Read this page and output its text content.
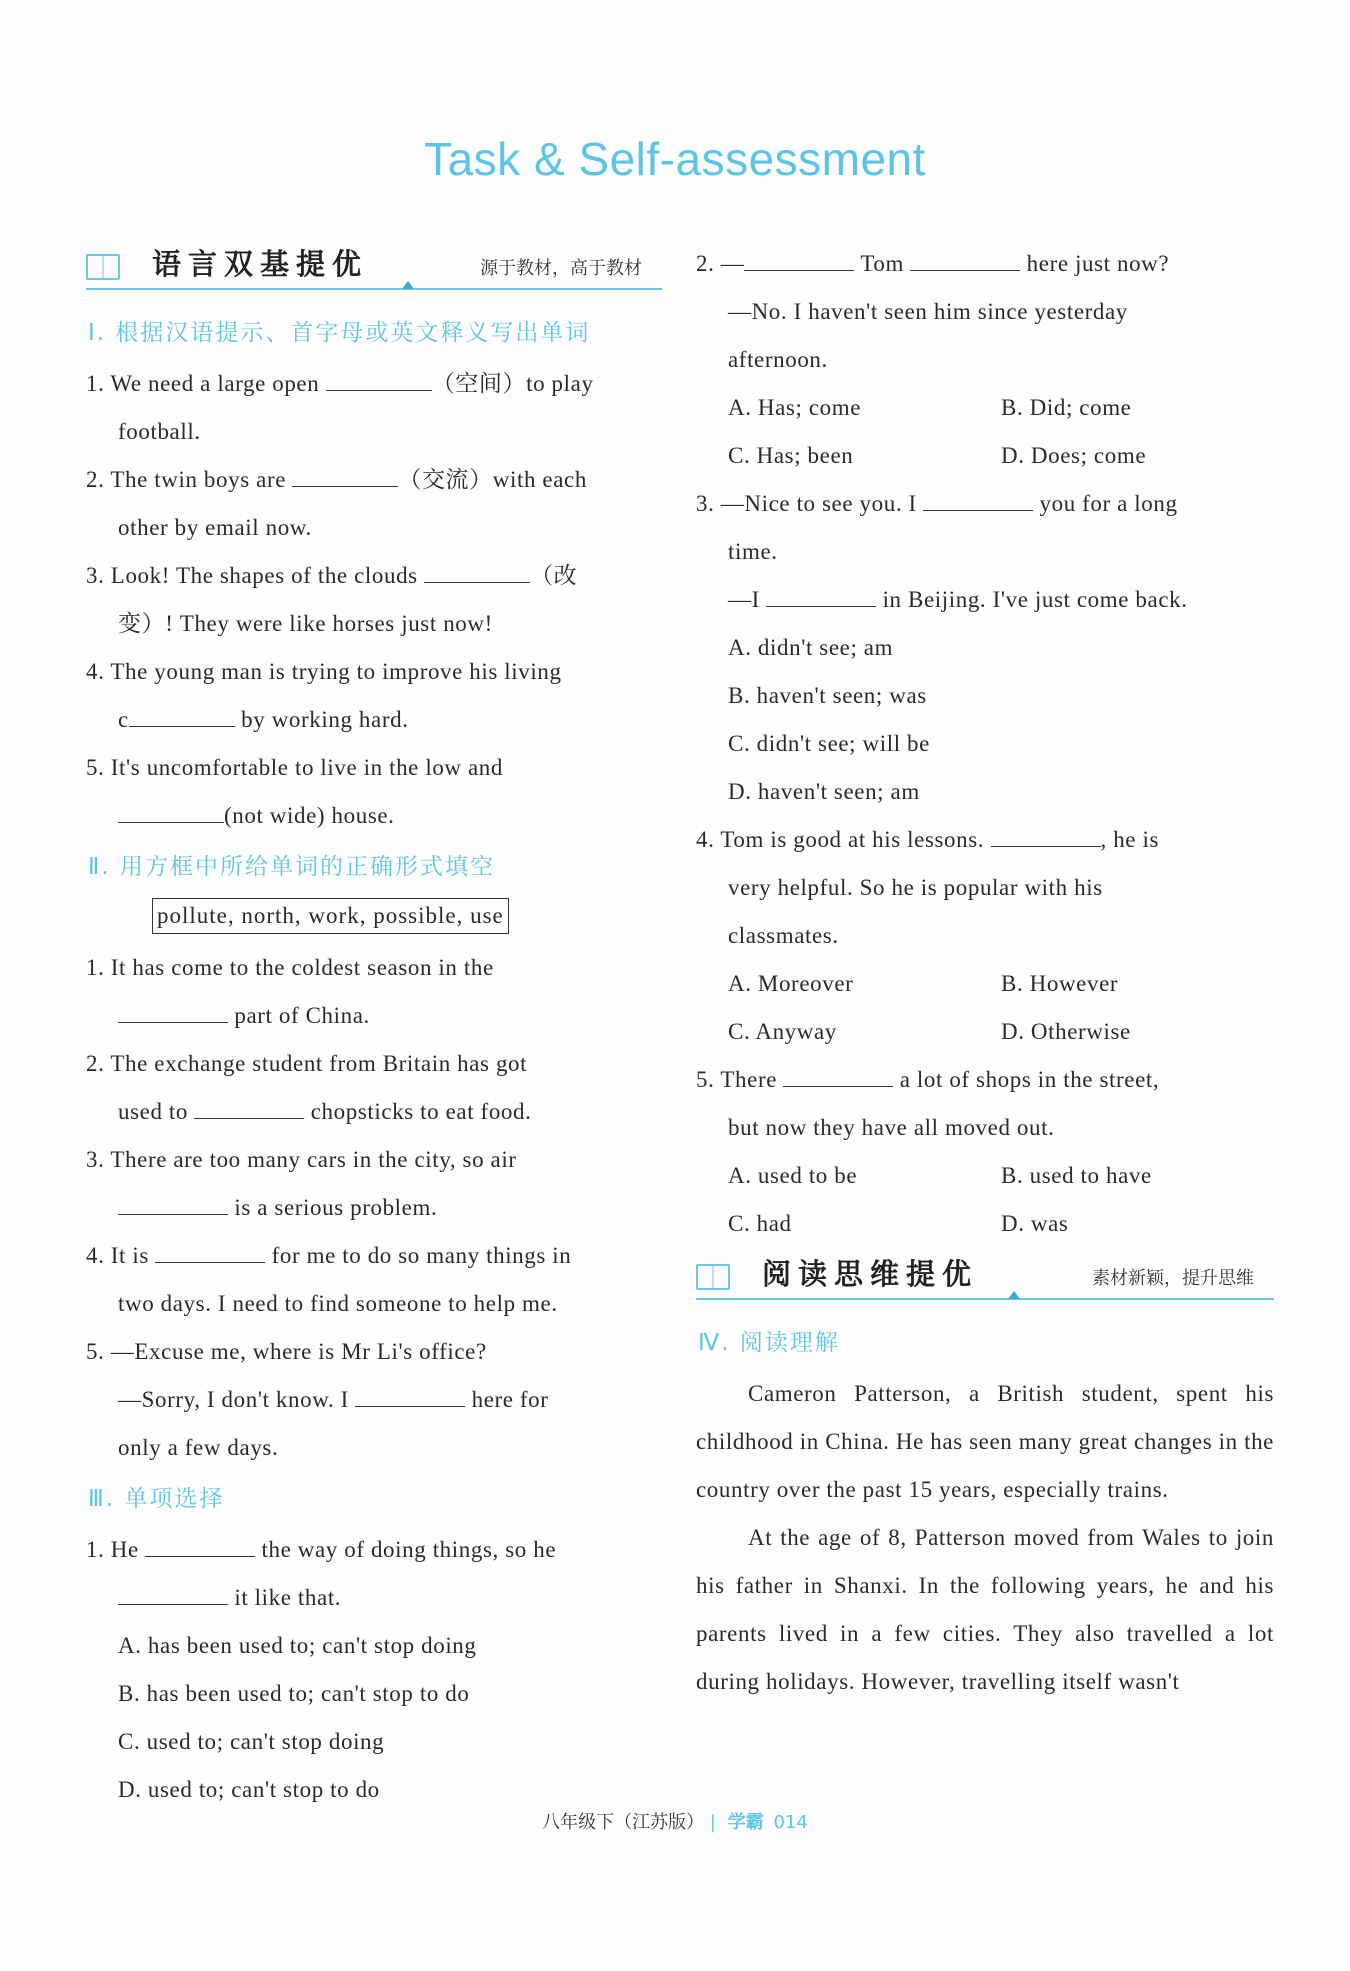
Task & Self-assessment
语言双基提优	源于教材，高于教材
Ⅰ. 根据汉语提示、首字母或英文释义写出单词
1. We need a large open	（空间）to play
football.
2. The twin boys are	（交流）with each
other by email now.
3. Look! The shapes of the clouds	（改
变）! They were like horses just now!
4. The young man is trying to improve his living
c	by working hard.
5. It's uncomfortable to live in the low and
(not wide) house.
Ⅱ. 用方框中所给单词的正确形式填空
pollute, north, work, possible, use
1. It has come to the coldest season in the
part of China.
2. The exchange student from Britain has got
used to	chopsticks to eat food.
3. There are too many cars in the city, so air
is a serious problem.
4. It is	for me to do so many things in
two days. I need to find someone to help me.
5. —Excuse me, where is Mr Li's office?
—Sorry, I don't know. I	here for
only a few days.
Ⅲ. 单项选择
1. He	the way of doing things, so he
it like that.
A. has been used to; can't stop doing
B. has been used to; can't stop to do
C. used to; can't stop doing
D. used to; can't stop to do
2. —	Tom	here just now?
—No. I haven't seen him since yesterday
afternoon.
A. Has; come	B. Did; come
C. Has; been	D. Does; come
3. —Nice to see you. I	you for a long
time.
—I	in Beijing. I've just come back.
A. didn't see; am
B. haven't seen; was
C. didn't see; will be
D. haven't seen; am
4. Tom is good at his lessons.	, he is
very helpful. So he is popular with his
classmates.
A. Moreover	B. However
C. Anyway	D. Otherwise
5. There	a lot of shops in the street,
but now they have all moved out.
A. used to be	B. used to have
C. had	D. was
阅读思维提优	素材新颖，提升思维
Ⅳ. 阅读理解
Cameron Patterson, a British student, spent his childhood in China. He has seen many great changes in the country over the past 15 years, especially trains.
At the age of 8, Patterson moved from Wales to join his father in Shanxi. In the following years, he and his parents lived in a few cities. They also travelled a lot during holidays. However, travelling itself wasn't
八年级下（江苏版） | 学霸 014
